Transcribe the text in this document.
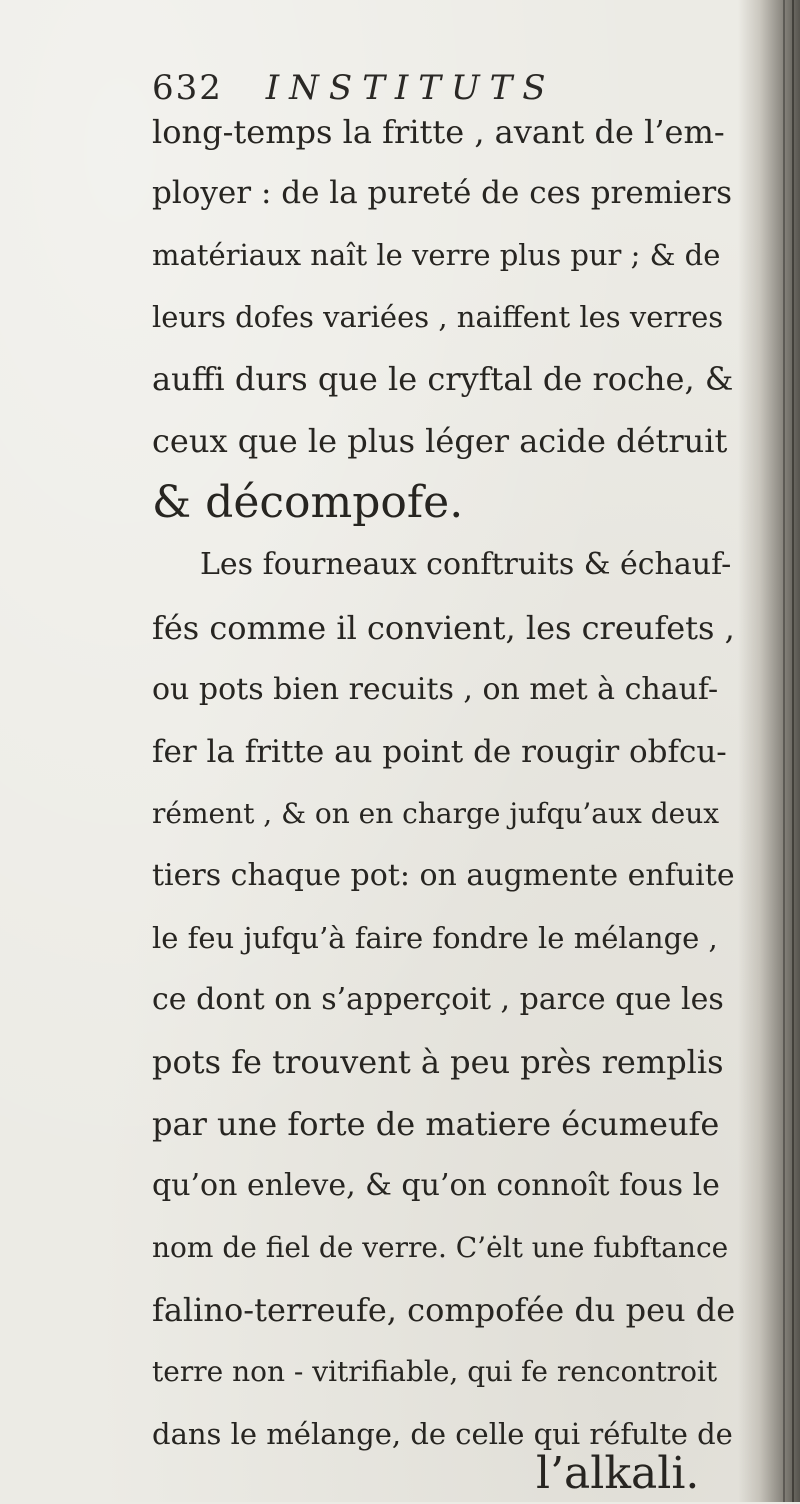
632 INSTITUTS
long-temps la fritte , avant de l’em-
ployer : de la pureté de ces premiers
matériaux naît le verre plus pur ; & de
leurs dofes variées , naiffent les verres
auffi durs que le cryftal de roche, &
ceux que le plus léger acide détruit
& décompofe.
Les fourneaux conftruits & échauf-
fés comme il convient, les creufets ,
ou pots bien recuits , on met à chauf-
fer la fritte au point de rougir obfcu-
rément , & on en charge jufqu’aux deux
tiers chaque pot: on augmente enfuite
le feu jufqu’à faire fondre le mélange ,
ce dont on s’apperçoit , parce que les
pots fe trouvent à peu près remplis
par une forte de matiere écumeufe
qu’on enleve, & qu’on connoît fous le
nom de fiel de verre. C’ėlt une fubftance
falino-terreufe, compofée du peu de
terre non - vitrifiable, qui fe rencontroit
dans le mélange, de celle qui réfulte de
l’alkali.
